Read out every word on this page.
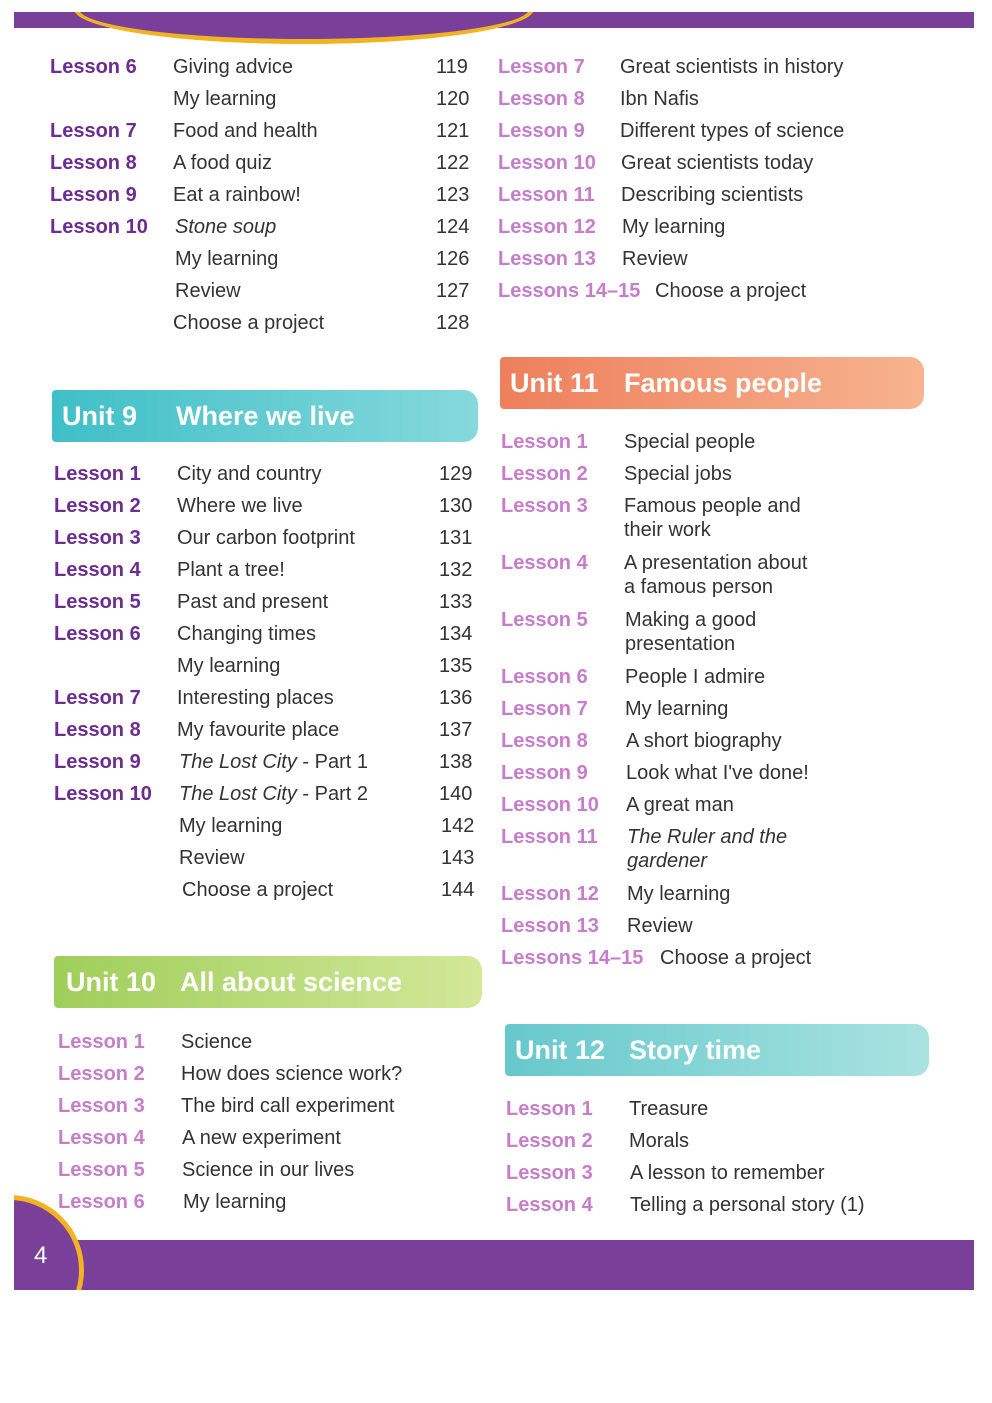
Lesson 6 Giving advice	119
My learning	120
Lesson 7 Food and health	121
Lesson 8 A food quiz	122
Lesson 9 Eat a rainbow!	123
Lesson 10 Stone soup	124
My learning	126
Review	127
Choose a project	128
Unit 9 Where we live
Lesson 1 City and country	129
Lesson 2 Where we live	130
Lesson 3 Our carbon footprint	131
Lesson 4 Plant a tree!	132
Lesson 5 Past and present	133
Lesson 6 Changing times	134
My learning	135
Lesson 7 Interesting places	136
Lesson 8 My favourite place	137
Lesson 9 The Lost City - Part 1	138
Lesson 10 The Lost City - Part 2	140
My learning	142
Review	143
Choose a project	144
Unit 10 All about science
Lesson 1 Science
Lesson 2 How does science work?
Lesson 3 The bird call experiment
Lesson 4 A new experiment
Lesson 5 Science in our lives
Lesson 6 My learning
Lesson 7 Great scientists in history
Lesson 8 Ibn Nafis
Lesson 9 Different types of science
Lesson 10 Great scientists today
Lesson 11 Describing scientists
Lesson 12 My learning
Lesson 13 Review
Lessons 14–15 Choose a project
Unit 11 Famous people
Lesson 1 Special people
Lesson 2 Special jobs
Lesson 3 Famous people and
their work
Lesson 4 A presentation about
a famous person
Lesson 5 Making a good
presentation
Lesson 6 People I admire
Lesson 7 My learning
Lesson 8 A short biography
Lesson 9 Look what I've done!
Lesson 10 A great man
Lesson 11 The Ruler and the
gardener
Lesson 12 My learning
Lesson 13 Review
Lessons 14–15 Choose a project
Unit 12 Story time
Lesson 1 Treasure
Lesson 2 Morals
Lesson 3 A lesson to remember
Lesson 4 Telling a personal story (1)
4
